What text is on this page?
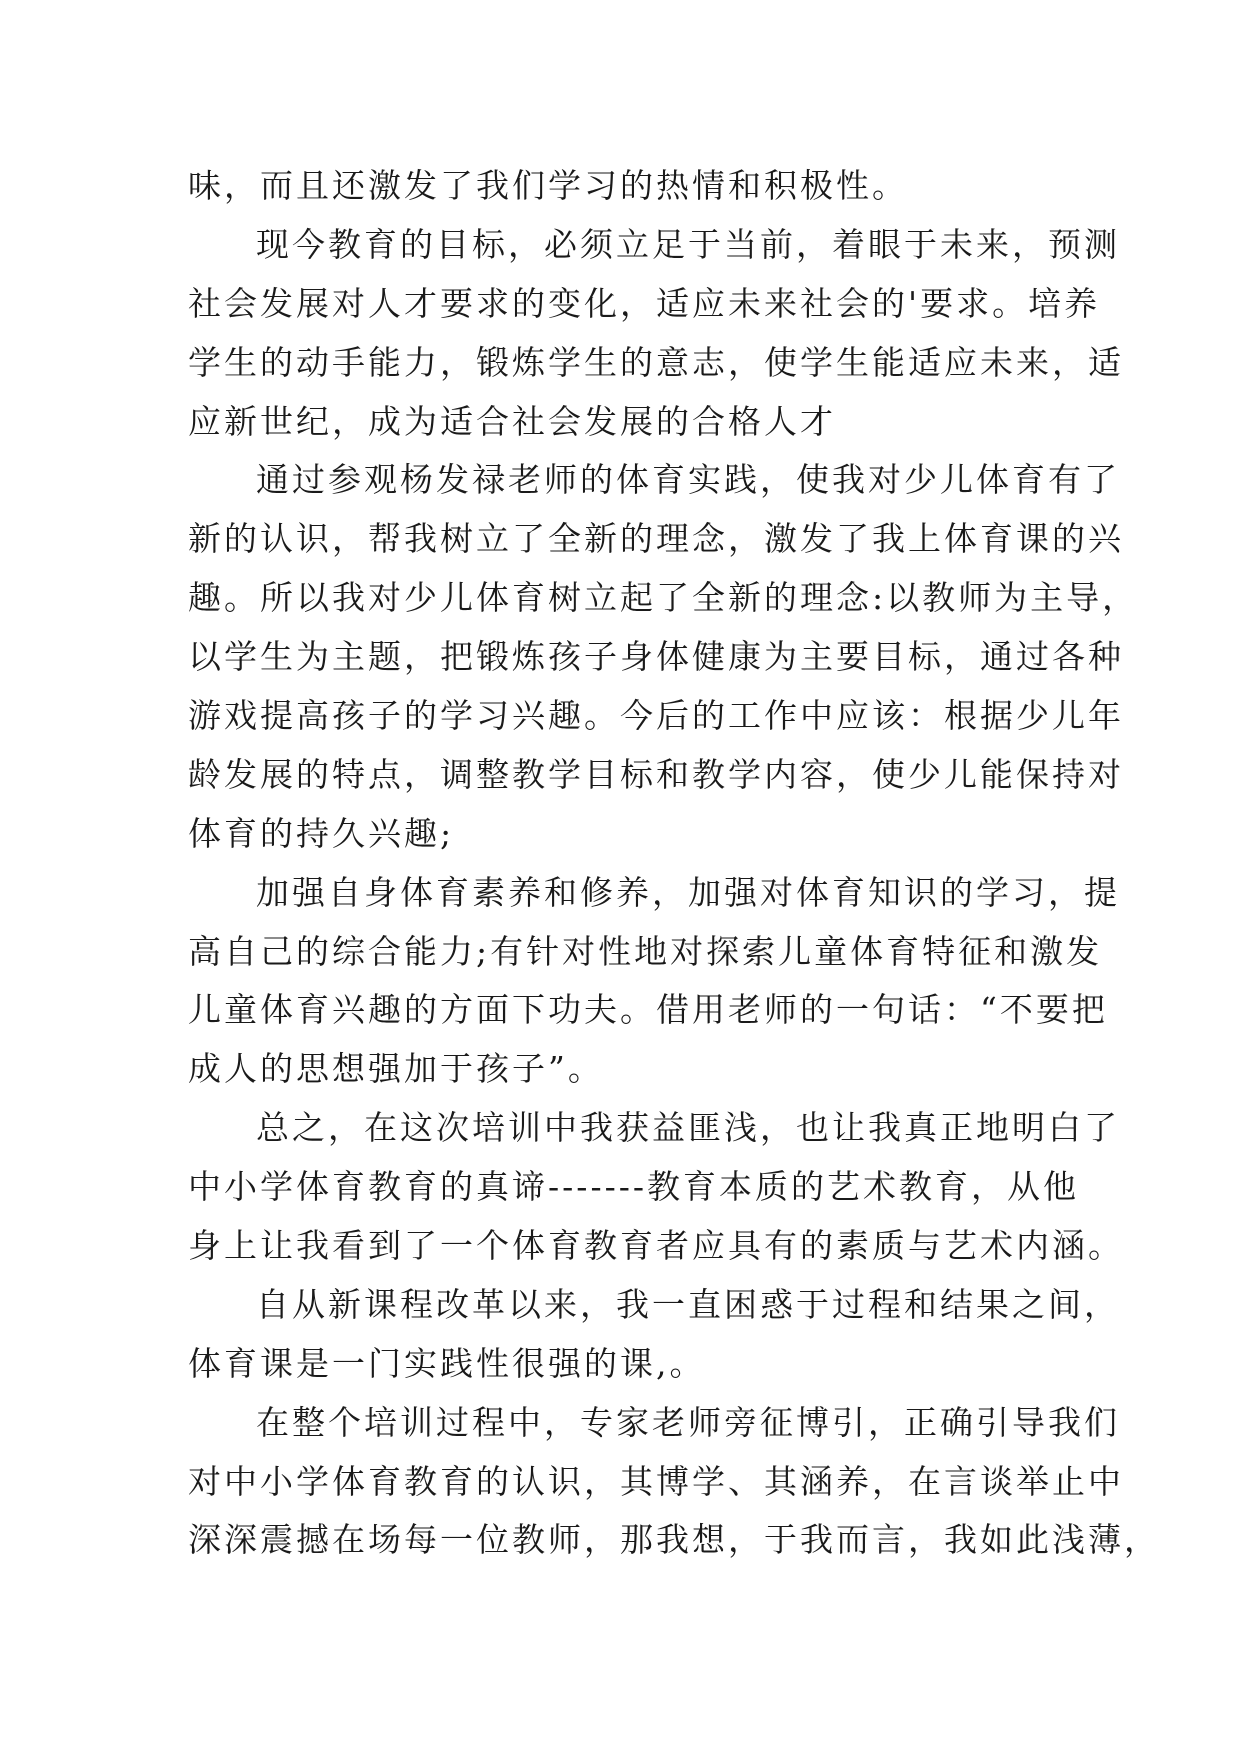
味，而且还激发了我们学习的热情和积极性。
现今教育的目标，必须立足于当前，着眼于未来，预测
社会发展对人才要求的变化，适应未来社会的'要求。培养
学生的动手能力，锻炼学生的意志，使学生能适应未来，适
应新世纪，成为适合社会发展的合格人才
通过参观杨发禄老师的体育实践，使我对少儿体育有了
新的认识，帮我树立了全新的理念，激发了我上体育课的兴
趣。所以我对少儿体育树立起了全新的理念:以教师为主导，
以学生为主题，把锻炼孩子身体健康为主要目标，通过各种
游戏提高孩子的学习兴趣。今后的工作中应该：根据少儿年
龄发展的特点，调整教学目标和教学内容，使少儿能保持对
体育的持久兴趣;
加强自身体育素养和修养，加强对体育知识的学习，提
高自己的综合能力;有针对性地对探索儿童体育特征和激发
儿童体育兴趣的方面下功夫。借用老师的一句话：“不要把
成人的思想强加于孩子”。
总之，在这次培训中我获益匪浅，也让我真正地明白了
中小学体育教育的真谛-------教育本质的艺术教育，从他
身上让我看到了一个体育教育者应具有的素质与艺术内涵。
自从新课程改革以来，我一直困惑于过程和结果之间，
体育课是一门实践性很强的课,。
在整个培训过程中，专家老师旁征博引，正确引导我们
对中小学体育教育的认识，其博学、其涵养，在言谈举止中
深深震撼在场每一位教师，那我想，于我而言，我如此浅薄，
